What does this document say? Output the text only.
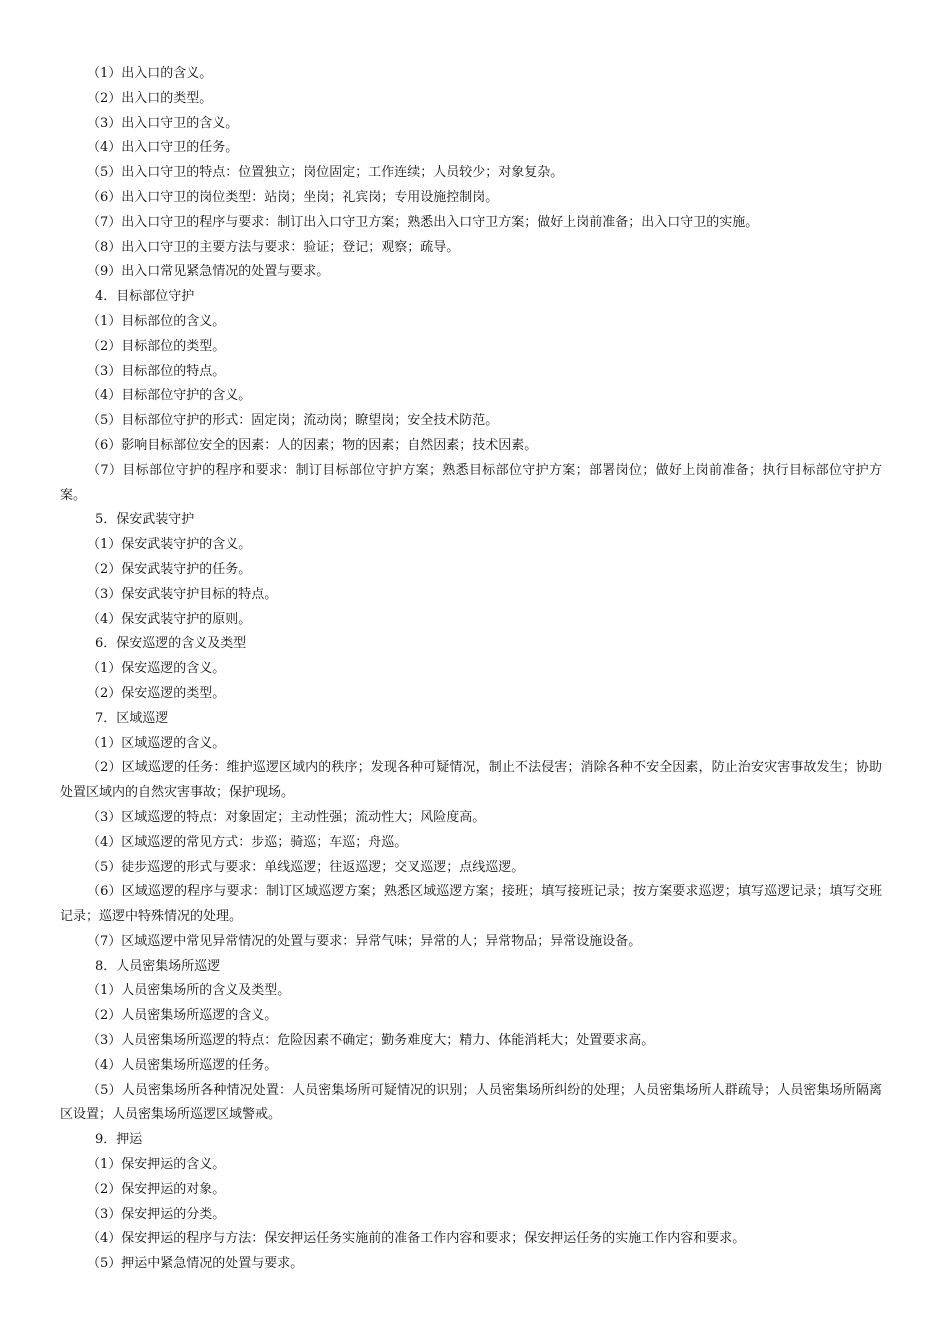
（1）出入口的含义。

（2）出入口的类型。

（3）出入口守卫的含义。

（4）出入口守卫的任务。

（5）出入口守卫的特点：位置独立；岗位固定；工作连续；人员较少；对象复杂。

（6）出入口守卫的岗位类型：站岗；坐岗；礼宾岗；专用设施控制岗。

（7）出入口守卫的程序与要求：制订出入口守卫方案；熟悉出入口守卫方案；做好上岗前准备；出入口守卫的实施。

（8）出入口守卫的主要方法与要求：验证；登记；观察；疏导。

（9）出入口常见紧急情况的处置与要求。

4．目标部位守护

（1）目标部位的含义。

（2）目标部位的类型。

（3）目标部位的特点。

（4）目标部位守护的含义。

（5）目标部位守护的形式：固定岗；流动岗；瞭望岗；安全技术防范。

（6）影响目标部位安全的因素：人的因素；物的因素；自然因素；技术因素。

（7）目标部位守护的程序和要求：制订目标部位守护方案；熟悉目标部位守护方案；部署岗位；做好上岗前准备；执行目标部位守护方案。

5．保安武装守护

（1）保安武装守护的含义。

（2）保安武装守护的任务。

（3）保安武装守护目标的特点。

（4）保安武装守护的原则。

6．保安巡逻的含义及类型

（1）保安巡逻的含义。

（2）保安巡逻的类型。

7．区域巡逻

（1）区域巡逻的含义。

（2）区域巡逻的任务：维护巡逻区域内的秩序；发现各种可疑情况，制止不法侵害；消除各种不安全因素，防止治安灾害事故发生；协助处置区域内的自然灾害事故；保护现场。

（3）区域巡逻的特点：对象固定；主动性强；流动性大；风险度高。

（4）区域巡逻的常见方式：步巡；骑巡；车巡；舟巡。

（5）徒步巡逻的形式与要求：单线巡逻；往返巡逻；交叉巡逻；点线巡逻。

（6）区域巡逻的程序与要求：制订区域巡逻方案；熟悉区域巡逻方案；接班；填写接班记录；按方案要求巡逻；填写巡逻记录；填写交班记录；巡逻中特殊情况的处理。

（7）区域巡逻中常见异常情况的处置与要求：异常气味；异常的人；异常物品；异常设施设备。

8．人员密集场所巡逻

（1）人员密集场所的含义及类型。

（2）人员密集场所巡逻的含义。

（3）人员密集场所巡逻的特点：危险因素不确定；勤务难度大；精力、体能消耗大；处置要求高。

（4）人员密集场所巡逻的任务。

（5）人员密集场所各种情况处置：人员密集场所可疑情况的识别；人员密集场所纠纷的处理；人员密集场所人群疏导；人员密集场所隔离区设置；人员密集场所巡逻区域警戒。

9．押运

（1）保安押运的含义。

（2）保安押运的对象。

（3）保安押运的分类。

（4）保安押运的程序与方法：保安押运任务实施前的准备工作内容和要求；保安押运任务的实施工作内容和要求。

（5）押运中紧急情况的处置与要求。
